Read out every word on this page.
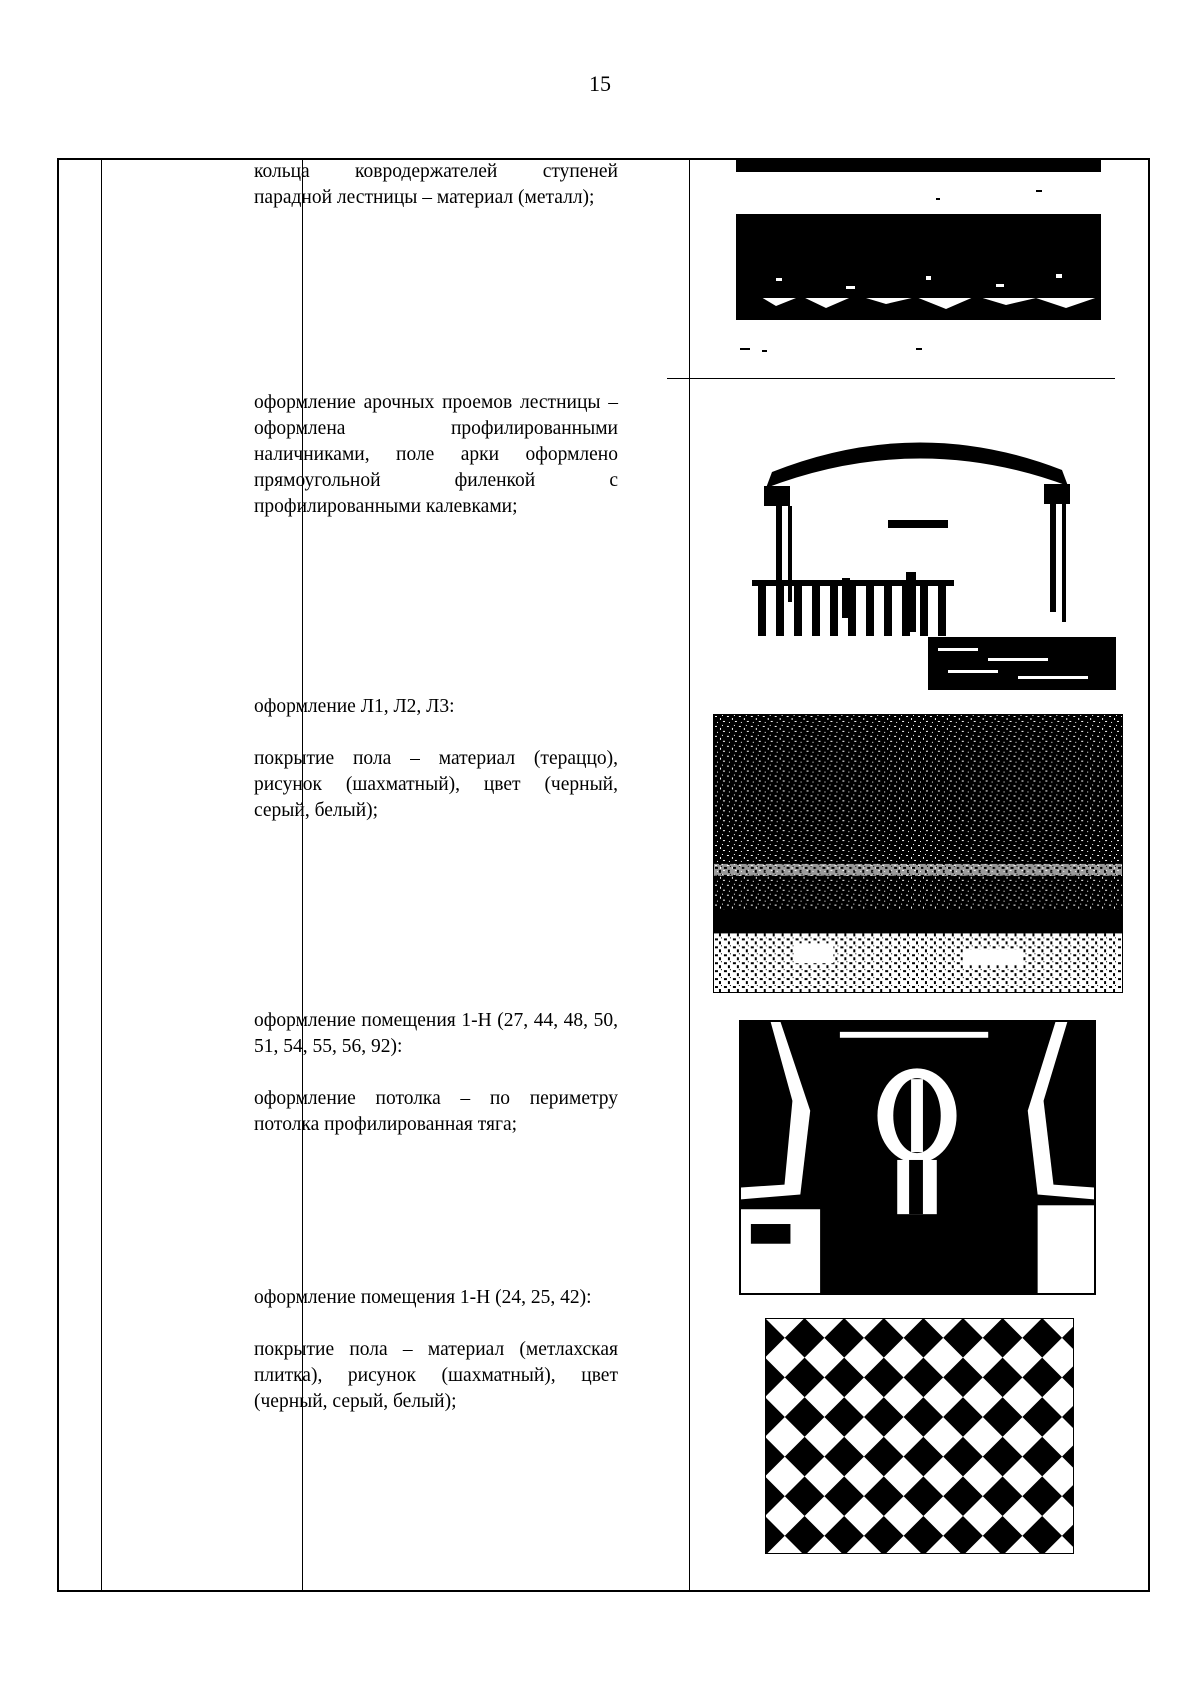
15

кольца ковродержателей ступеней парадной лестницы – материал (металл);

оформление арочных проемов лестницы – оформлена профилированными наличниками, поле арки оформлено прямоугольной филенкой с профилированными калевками;

оформление Л1, Л2, Л3:

покрытие пола – материал (тераццо), рисунок (шахматный), цвет (черный, серый, белый);

оформление помещения 1-Н (27, 44, 48, 50, 51, 54, 55, 56, 92):

оформление потолка – по периметру потолка профилированная тяга;

оформление помещения 1-Н (24, 25, 42):

покрытие пола – материал (метлахская плитка), рисунок (шахматный), цвет (черный, серый, белый);
